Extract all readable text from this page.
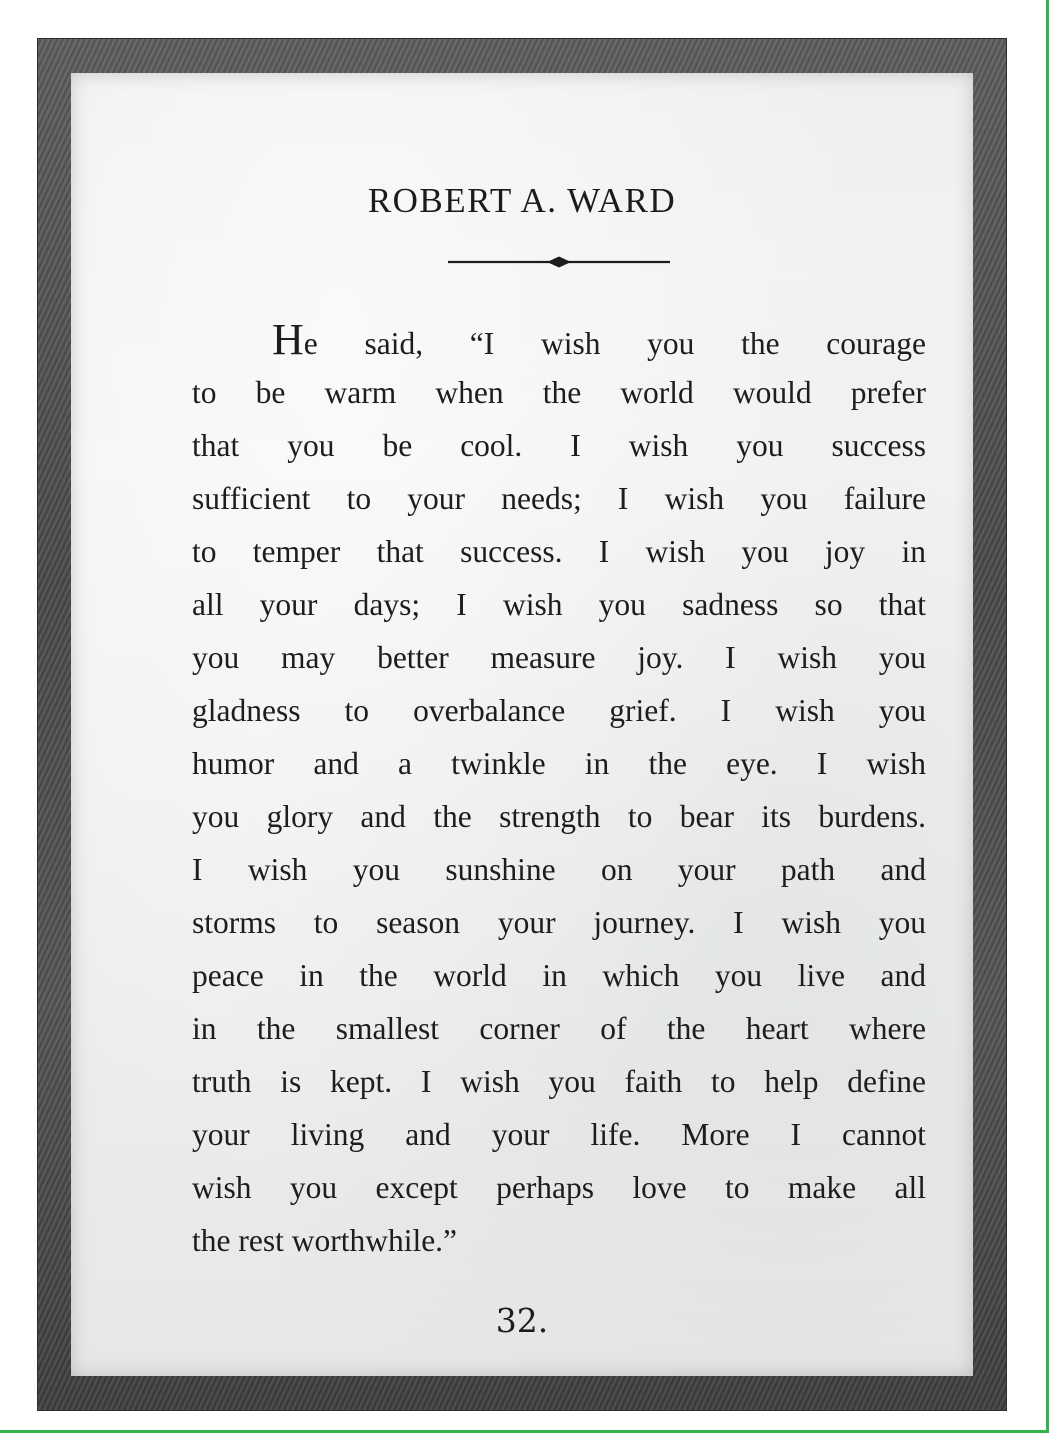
ROBERT A. WARD
He said, “I wish you the courage
to be warm when the world would prefer
that you be cool. I wish you success
sufficient to your needs; I wish you failure
to temper that success. I wish you joy in
all your days; I wish you sadness so that
you may better measure joy. I wish you
gladness to overbalance grief. I wish you
humor and a twinkle in the eye. I wish
you glory and the strength to bear its burdens.
I wish you sunshine on your path and
storms to season your journey. I wish you
peace in the world in which you live and
in the smallest corner of the heart where
truth is kept. I wish you faith to help define
your living and your life. More I cannot
wish you except perhaps love to make all
the rest worthwhile.”
32.
